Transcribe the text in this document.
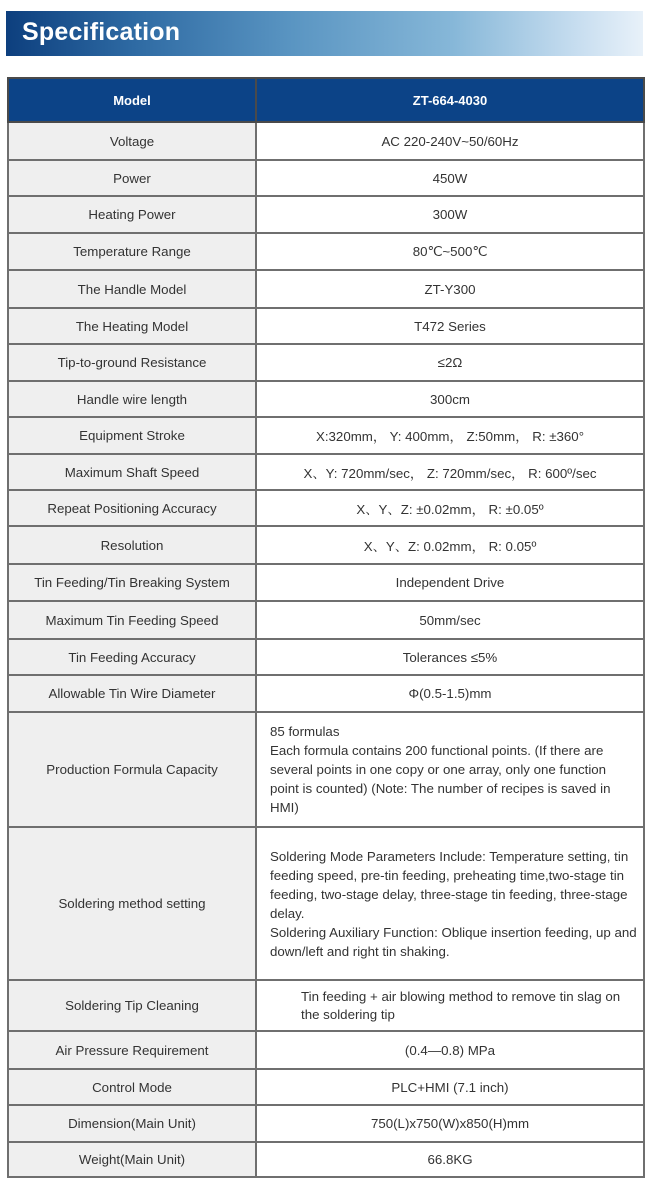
Specification
Model	ZT-664-4030
Voltage	AC 220-240V~50/60Hz
Power	450W
Heating Power	300W
Temperature Range	80℃~500℃
The Handle Model	ZT-Y300
The Heating Model	T472 Series
Tip-to-ground Resistance	≤2Ω
Handle wire length	300cm
Equipment Stroke	X:320mm， Y: 400mm， Z:50mm， R: ±360°
Maximum Shaft Speed	X、Y: 720mm/sec， Z: 720mm/sec， R: 600º/sec
Repeat Positioning Accuracy	X、Y、Z: ±0.02mm， R: ±0.05º
Resolution	X、Y、Z: 0.02mm， R: 0.05º
Tin Feeding/Tin Breaking System	Independent Drive
Maximum Tin Feeding Speed	50mm/sec
Tin Feeding Accuracy	Tolerances ≤5%
Allowable Tin Wire Diameter	Φ(0.5-1.5)mm
Production Formula Capacity	85 formulas
Each formula contains 200 functional points. (If there are several points in one copy or one array, only one function point is counted) (Note: The number of recipes is saved in HMI)

Soldering method setting	Soldering Mode Parameters Include: Temperature setting, tin feeding speed, pre-tin feeding, preheating time,two-stage tin feeding, two-stage delay, three-stage tin feeding, three-stage delay.
Soldering Auxiliary Function: Oblique insertion feeding, up and down/left and right tin shaking.

Soldering Tip Cleaning	Tin feeding + air blowing method to remove tin slag on the soldering tip
Air Pressure Requirement	(0.4—0.8) MPa
Control Mode	PLC+HMI (7.1 inch)
Dimension(Main Unit)	750(L)x750(W)x850(H)mm
Weight(Main Unit)	66.8KG
